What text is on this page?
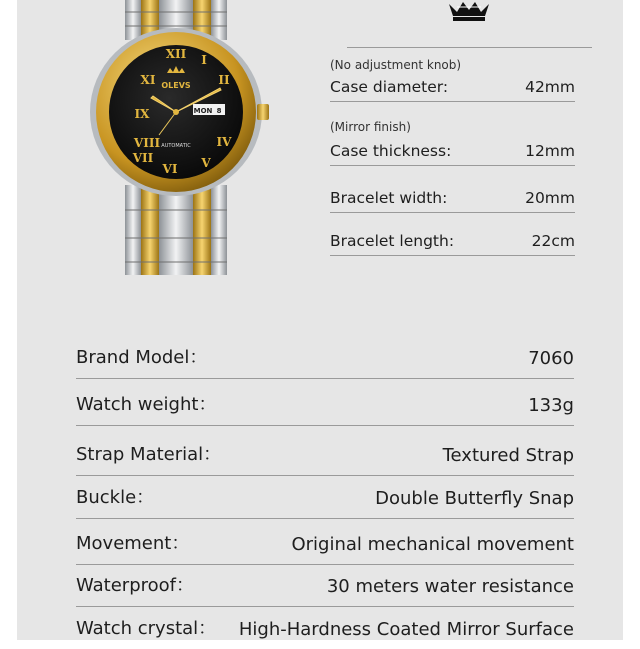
XII I
II
IX
XI
VIII
VI
VII
IV
V
OLEVS
MON 8
AUTOMATIC
(No adjustment knob)
Case diameter:	42mm
(Mirror finish)
Case thickness:	12mm
Bracelet width:	20mm
Bracelet length:	22cm
Brand Model：	7060
Watch weight：	133g
Strap Material：	Textured Strap
Buckle：	Double Butterfly Snap
Movement：	Original mechanical movement
Waterproof：	30 meters water resistance
Watch crystal： High-Hardness Coated Mirror Surface
